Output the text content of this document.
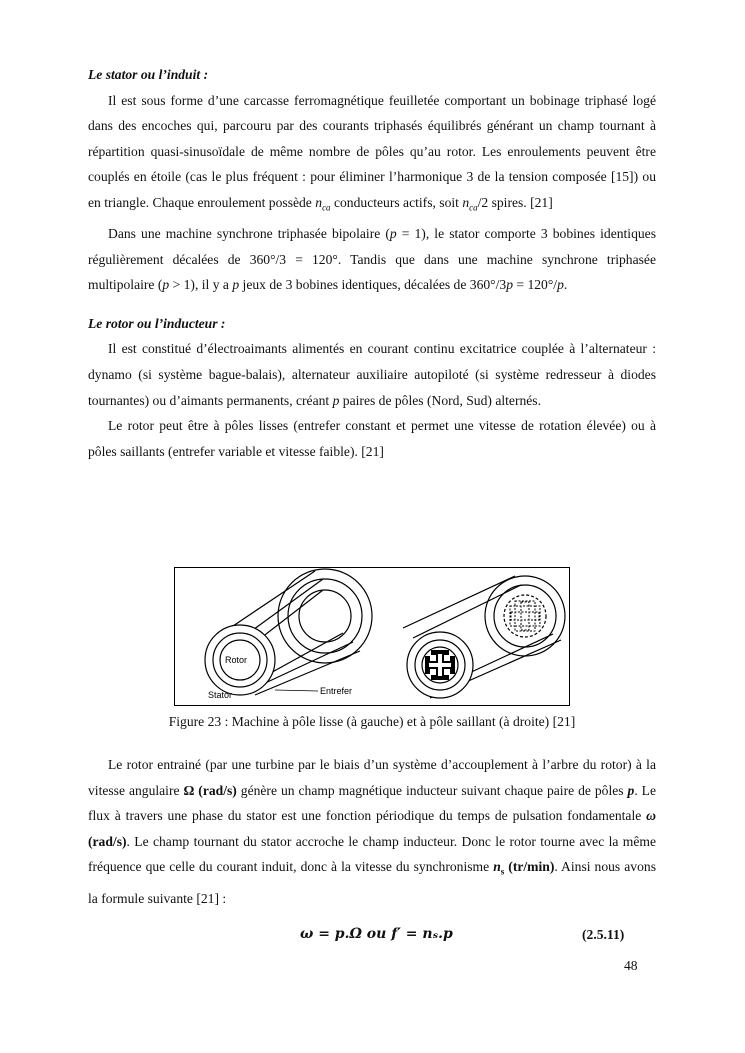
Le stator ou l’induit :

Il est sous forme d’une carcasse ferromagnétique feuilletée comportant un bobinage triphasé logé dans des encoches qui, parcouru par des courants triphasés équilibrés générant un champ tournant à répartition quasi-sinusoïdale de même nombre de pôles qu’au rotor. Les enroulements peuvent être couplés en étoile (cas le plus fréquent : pour éliminer l’harmonique 3 de la tension composée [15]) ou en triangle. Chaque enroulement possède $n_{ca}$ conducteurs actifs, soit $n_{ca}/2$ spires. [21]

Dans une machine synchrone triphasée bipolaire (p = 1), le stator comporte 3 bobines identiques régulièrement décalées de 360°/3 = 120°. Tandis que dans une machine synchrone triphasée multipolaire (p > 1), il y a p jeux de 3 bobines identiques, décalées de 360°/3p = 120°/p.

Le rotor ou l’inducteur :

Il est constitué d’électroaimants alimentés en courant continu excitatrice couplée à l’alternateur : dynamo (si système bague-balais), alternateur auxiliaire autopiloté (si système redresseur à diodes tournantes) ou d’aimants permanents, créant p paires de pôles (Nord, Sud) alternés.

Le rotor peut être à pôles lisses (entrefer constant et permet une vitesse de rotation élevée) ou à pôles saillants (entrefer variable et vitesse faible). [21]

Rotor
Stator	Entrefer
Figure 23 : Machine à pôle lisse (à gauche) et à pôle saillant (à droite) [21]

Le rotor entrainé (par une turbine par le biais d’un système d’accouplement à l’arbre du rotor) à la vitesse angulaire Ω (rad/s) génère un champ magnétique inducteur suivant chaque paire de pôles p. Le flux à travers une phase du stator est une fonction périodique du temps de pulsation fondamentale ω (rad/s). Le champ tournant du stator accroche le champ inducteur. Donc le rotor tourne avec la même fréquence que celle du courant induit, donc à la vitesse du synchronisme $n_s$ (tr/min). Ainsi nous avons la formule suivante [21] :

ω = p.Ω ou f′ = nₛ.p	(2.5.11)
48
